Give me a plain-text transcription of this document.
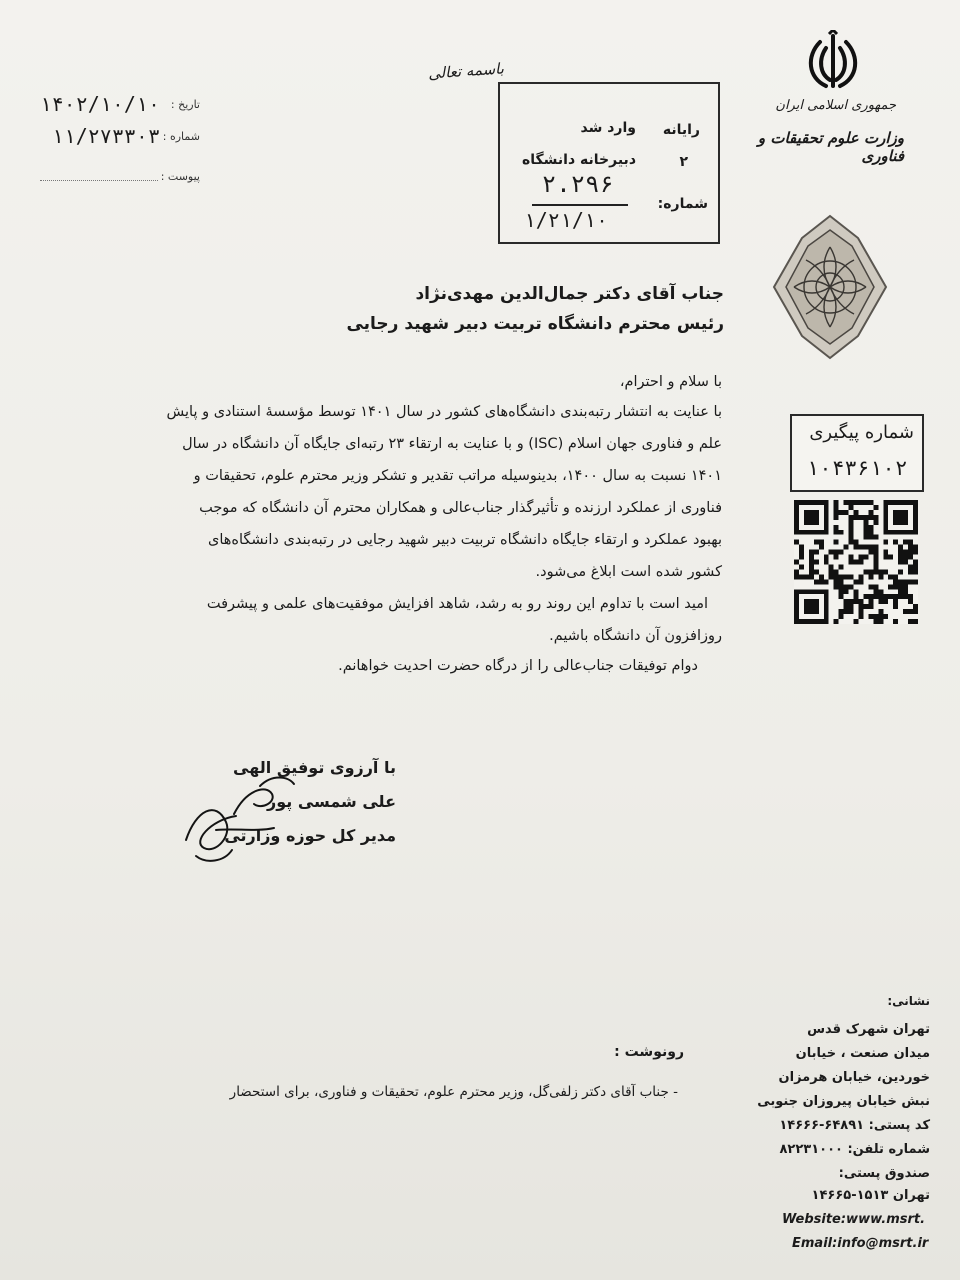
باسمه تعالی
تاریخ :
۱۴۰۲/۱۰/۱۰
شماره :
۱۱/۲۷۳۳۰۳
پیوست :
رایانه
وارد شد
۲
دبیرخانه دانشگاه
شماره:
۲.۲۹۶
۱/۲۱/۱۰
جمهوری اسلامی ایران
وزارت علوم تحقیقات و فناوری
جناب آقای دکتر جمال‌الدین مهدی‌نژاد
رئیس محترم دانشگاه تربیت دبیر شهید رجایی
با سلام و احترام،
با عنایت به انتشار رتبه‌بندی دانشگاه‌های کشور در سال ۱۴۰۱ توسط مؤسسهٔ استنادی و پایش
علم و فناوری جهان اسلام (ISC) و با عنایت به ارتقاء ۲۳ رتبه‌ای جایگاه آن دانشگاه در سال
۱۴۰۱ نسبت به سال ۱۴۰۰، بدینوسیله مراتب تقدیر و تشکر وزیر محترم علوم، تحقیقات و
فناوری از عملکرد ارزنده و تأثیرگذار جناب‌عالی و همکاران محترم آن دانشگاه که موجب
بهبود عملکرد و ارتقاء جایگاه دانشگاه تربیت دبیر شهید رجایی در رتبه‌بندی دانشگاه‌های
کشور شده است ابلاغ می‌شود.
امید است با تداوم این روند رو به رشد، شاهد افزایش موفقیت‌های علمی و پیشرفت
روزافزون آن دانشگاه باشیم.
دوام توفیقات جناب‌عالی را از درگاه حضرت احدیت خواهانم.
شماره پیگیری
۱۰۴۳۶۱۰۲
با آرزوی توفیق الهی
علی شمسی پور
مدیر کل حوزه وزارتی
رونوشت :
- جناب آقای دکتر زلفی‌گل، وزیر محترم علوم، تحقیقات و فناوری، برای استحضار
نشانی:
تهران شهرک قدس
میدان صنعت ، خیابان
خوردین، خیابان هرمزان
نبش خیابان پیروزان جنوبی
کد پستی: ۶۴۸۹۱-۱۴۶۶۶
شماره تلفن: ۸۲۲۳۱۰۰۰
صندوق پستی:
تهران ۱۵۱۳-۱۴۶۶۵
Website:www.msrt.
Email:info@msrt.ir
